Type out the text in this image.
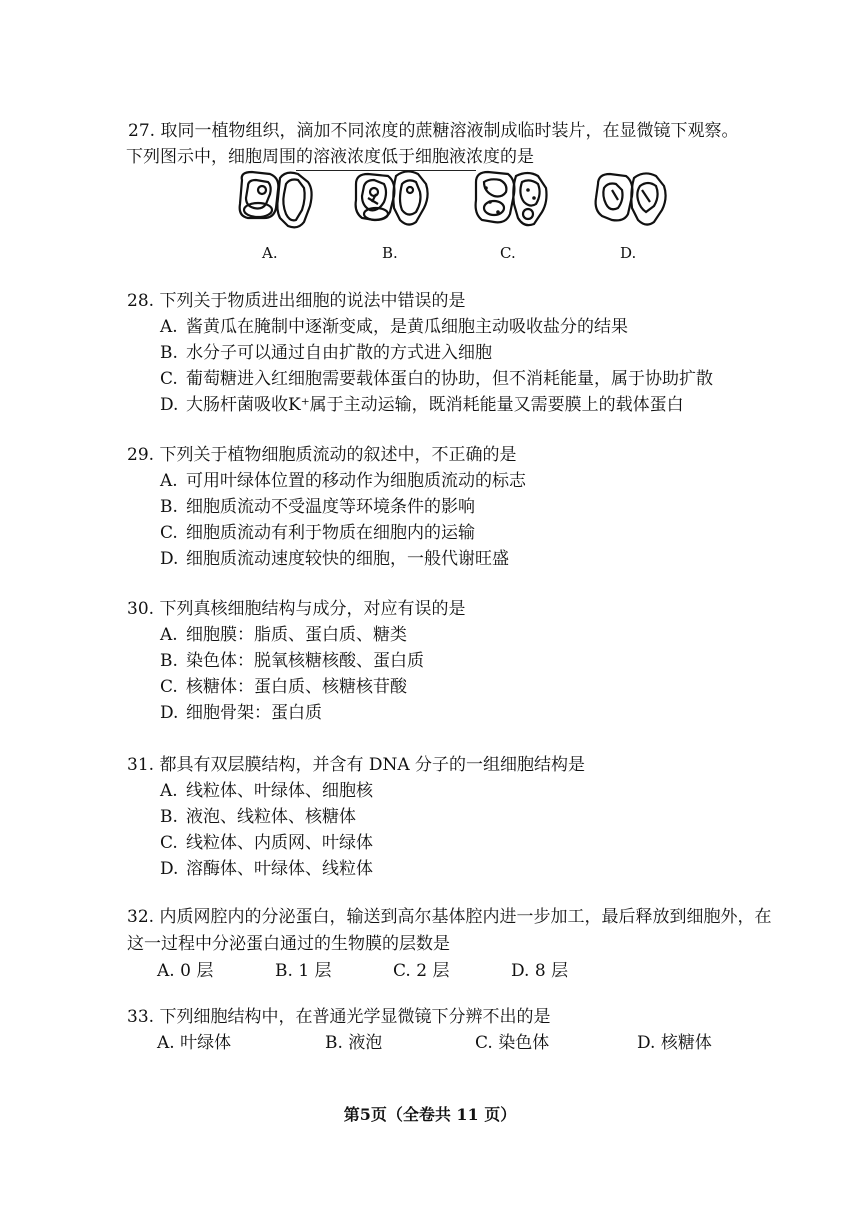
27. 取同一植物组织，滴加不同浓度的蔗糖溶液制成临时装片，在显微镜下观察。
下列图示中，细胞周围的溶液浓度低于细胞液浓度的是
A.	B.	C.	D.
28. 下列关于物质进出细胞的说法中错误的是
A. 酱黄瓜在腌制中逐渐变咸，是黄瓜细胞主动吸收盐分的结果
B. 水分子可以通过自由扩散的方式进入细胞
C. 葡萄糖进入红细胞需要载体蛋白的协助，但不消耗能量，属于协助扩散
D. 大肠杆菌吸收K⁺属于主动运输，既消耗能量又需要膜上的载体蛋白
29. 下列关于植物细胞质流动的叙述中，不正确的是
A. 可用叶绿体位置的移动作为细胞质流动的标志
B. 细胞质流动不受温度等环境条件的影响
C. 细胞质流动有利于物质在细胞内的运输
D. 细胞质流动速度较快的细胞，一般代谢旺盛
30. 下列真核细胞结构与成分，对应有误的是
A. 细胞膜：脂质、蛋白质、糖类
B. 染色体：脱氧核糖核酸、蛋白质
C. 核糖体：蛋白质、核糖核苷酸
D. 细胞骨架：蛋白质
31. 都具有双层膜结构，并含有 DNA 分子的一组细胞结构是
A. 线粒体、叶绿体、细胞核
B. 液泡、线粒体、核糖体
C. 线粒体、内质网、叶绿体
D. 溶酶体、叶绿体、线粒体
32. 内质网腔内的分泌蛋白，输送到高尔基体腔内进一步加工，最后释放到细胞外，在这一过程中分泌蛋白通过的生物膜的层数是
A. 0 层	B. 1 层	C. 2 层	D. 8 层
33. 下列细胞结构中，在普通光学显微镜下分辨不出的是
A. 叶绿体	B. 液泡	C. 染色体	D. 核糖体
第5页（全卷共 11 页）
